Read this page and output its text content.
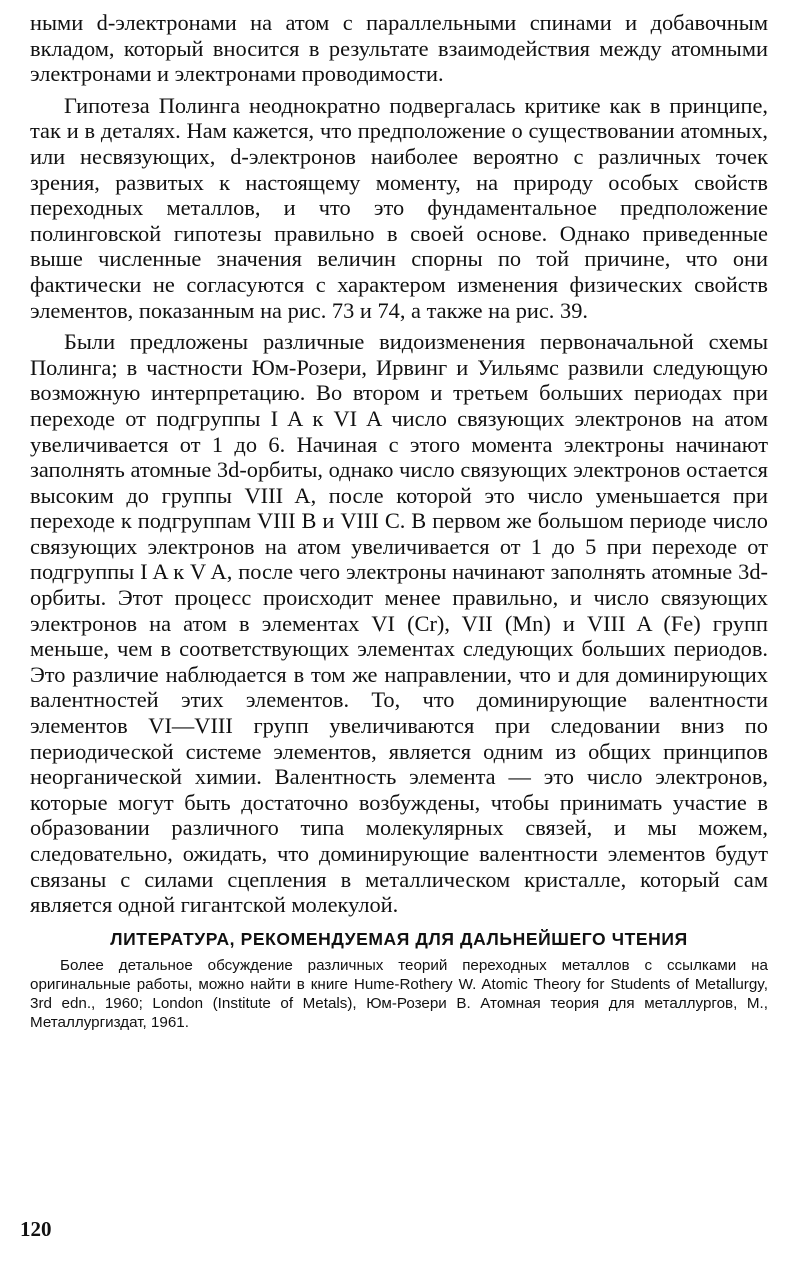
ными d-электронами на атом с параллельными спинами и добавочным вкладом, который вносится в результате взаимодействия между атомными электронами и электронами проводимости.

Гипотеза Полинга неоднократно подвергалась критике как в принципе, так и в деталях. Нам кажется, что предположение о существовании атомных, или несвязующих, d-электронов наиболее вероятно с различных точек зрения, развитых к настоящему моменту, на природу особых свойств переходных металлов, и что это фундаментальное предположение полинговской гипотезы правильно в своей основе. Однако приведенные выше численные значения величин спорны по той причине, что они фактически не согласуются с характером изменения физических свойств элементов, показанным на рис. 73 и 74, а также на рис. 39.

Были предложены различные видоизменения первоначальной схемы Полинга; в частности Юм-Розери, Ирвинг и Уильямс развили следующую возможную интерпретацию. Во втором и третьем больших периодах при переходе от подгруппы I A к VI A число связующих электронов на атом увеличивается от 1 до 6. Начиная с этого момента электроны начинают заполнять атомные 3d-орбиты, однако число связующих электронов остается высоким до группы VIII A, после которой это число уменьшается при переходе к подгруппам VIII B и VIII C. В первом же большом периоде число связующих электронов на атом увеличивается от 1 до 5 при переходе от подгруппы I A к V A, после чего электроны начинают заполнять атомные 3d-орбиты. Этот процесс происходит менее правильно, и число связующих электронов на атом в элементах VI (Cr), VII (Mn) и VIII A (Fe) групп меньше, чем в соответствующих элементах следующих больших периодов. Это различие наблюдается в том же направлении, что и для доминирующих валентностей этих элементов. То, что доминирующие валентности элементов VI—VIII групп увеличиваются при следовании вниз по периодической системе элементов, является одним из общих принципов неорганической химии. Валентность элемента — это число электронов, которые могут быть достаточно возбуждены, чтобы принимать участие в образовании различного типа молекулярных связей, и мы можем, следовательно, ожидать, что доминирующие валентности элементов будут связаны с силами сцепления в металлическом кристалле, который сам является одной гигантской молекулой.

ЛИТЕРАТУРА, РЕКОМЕНДУЕМАЯ ДЛЯ ДАЛЬНЕЙШЕГО ЧТЕНИЯ

Более детальное обсуждение различных теорий переходных металлов с ссылками на оригинальные работы, можно найти в книге Hume-Rothery W. Atomic Theory for Students of Metallurgy, 3rd edn., 1960; London (Institute of Metals), Юм-Розери В. Атомная теория для металлургов, М., Металлургиздат, 1961.

120
